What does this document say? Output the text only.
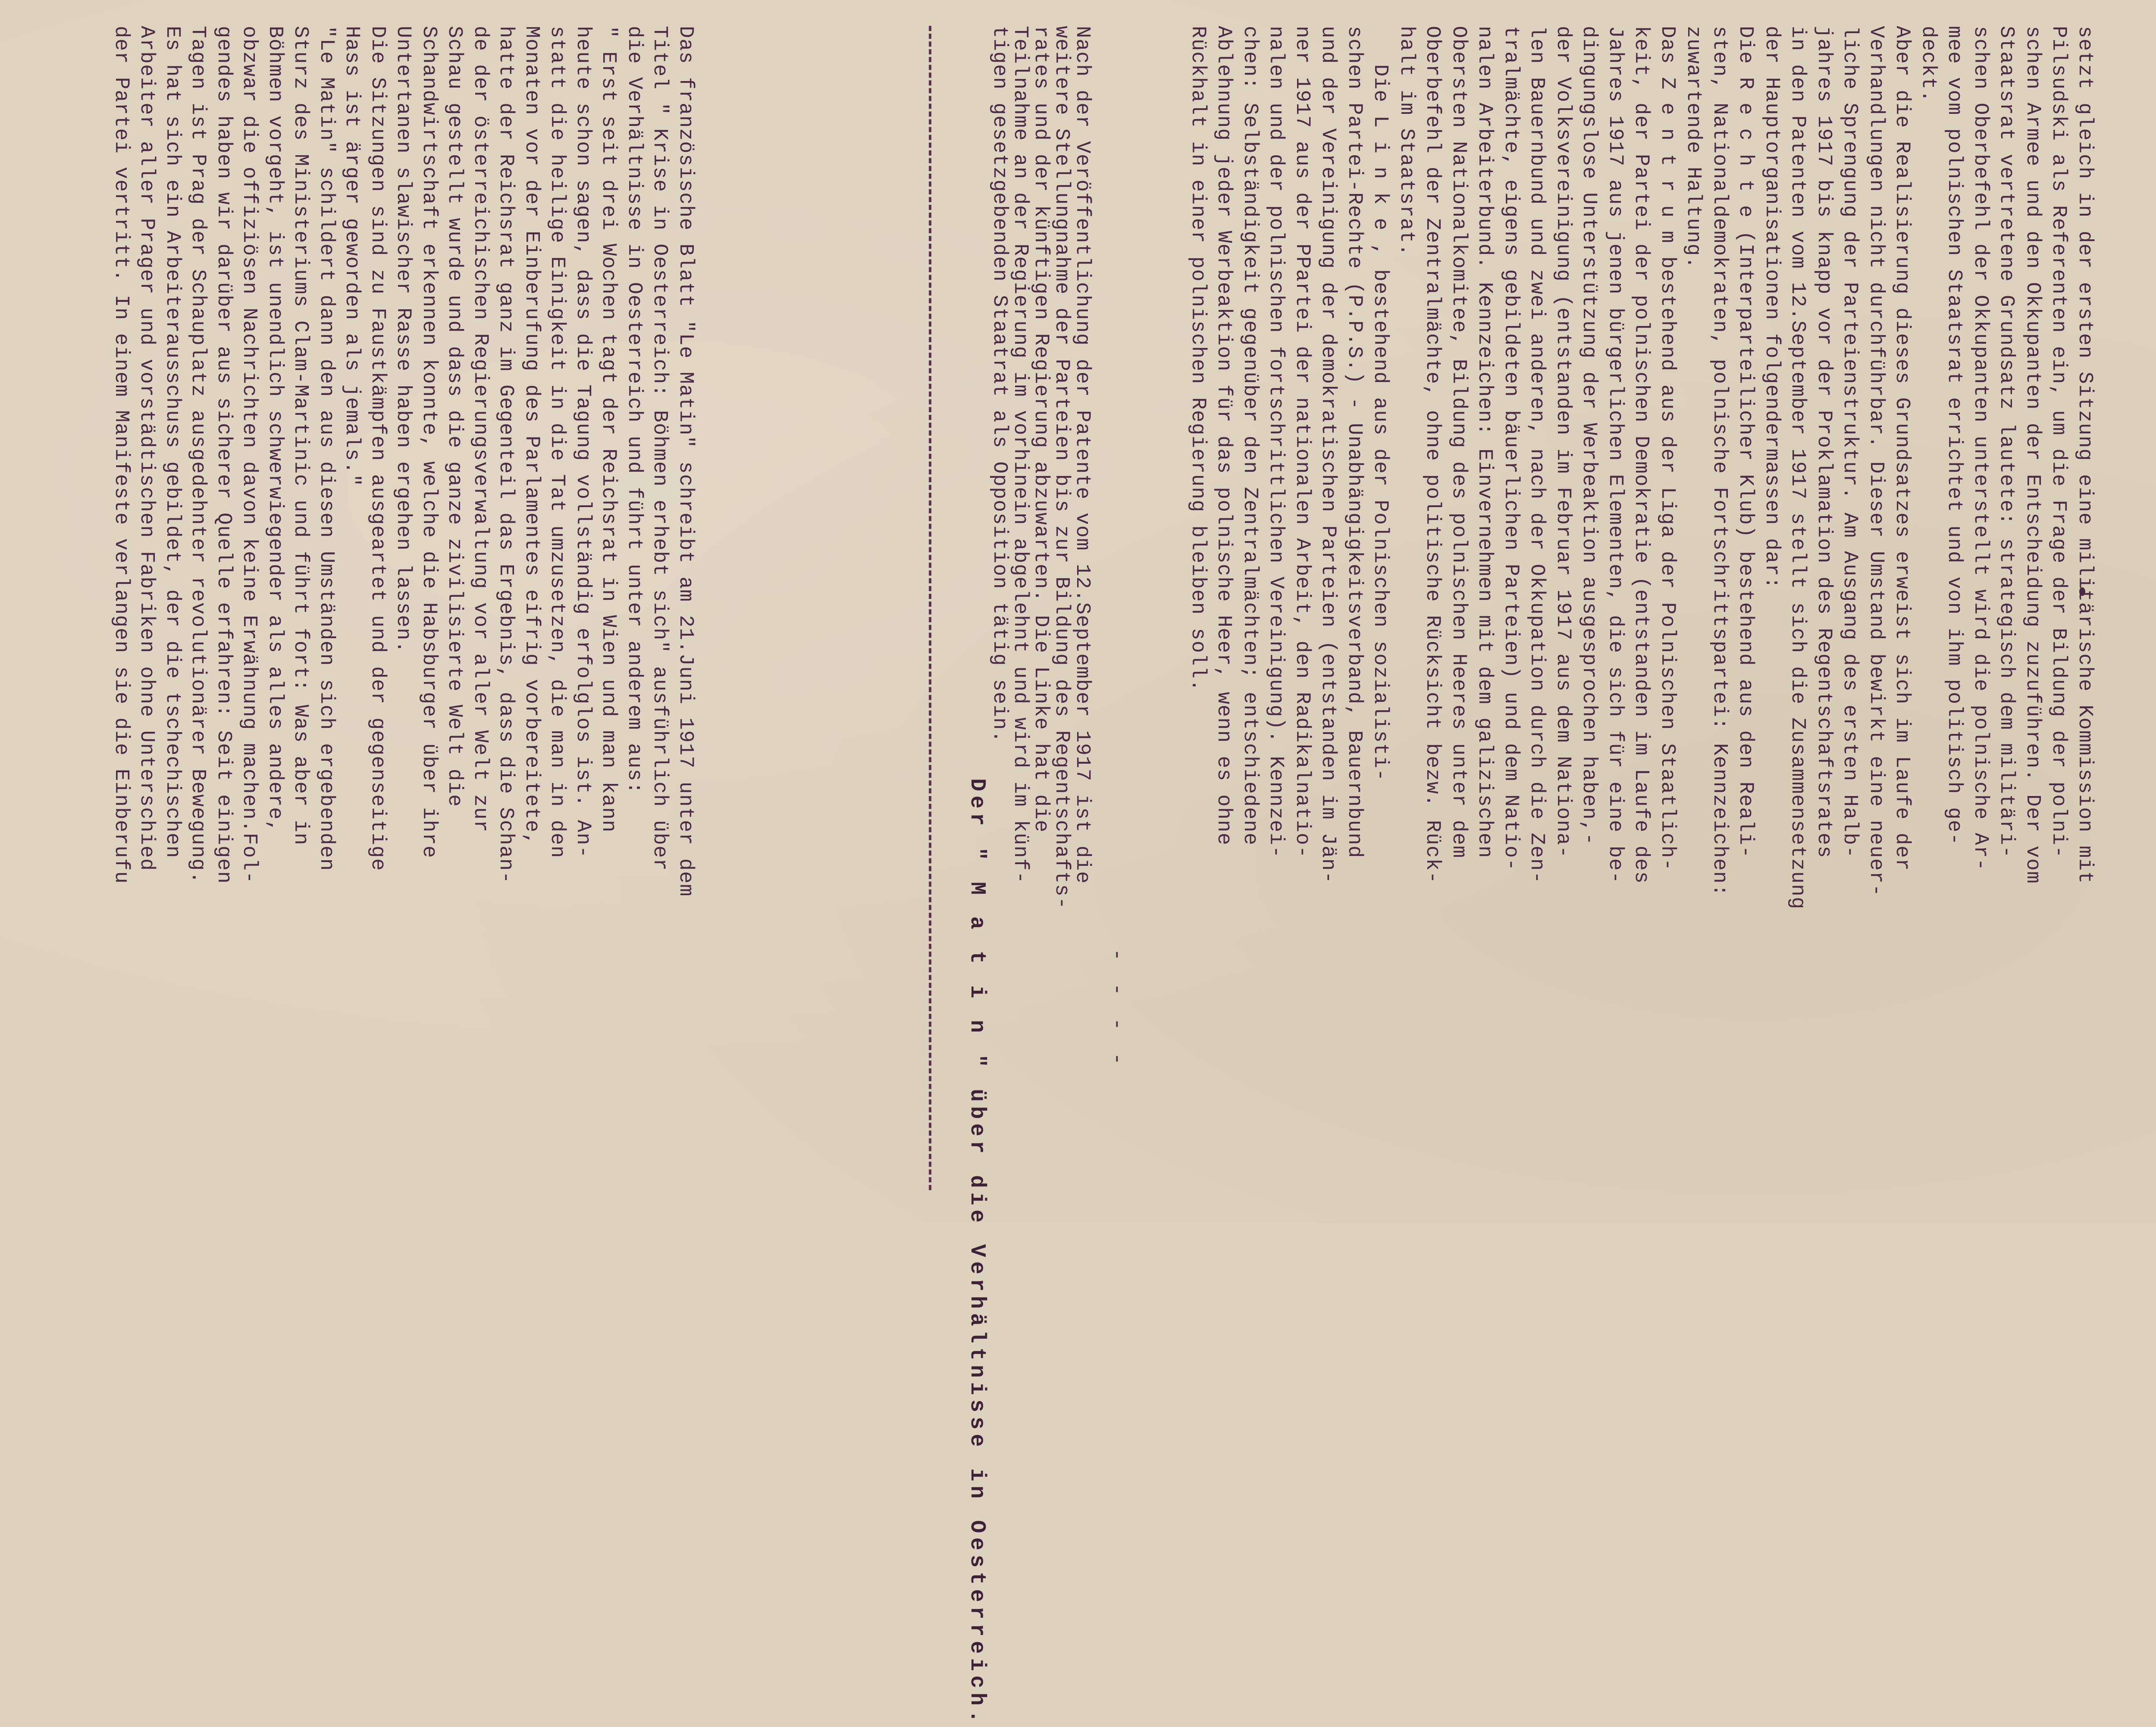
setzt gleich in der ersten Sitzung eine militärische Kommission mit
Pilsudski als Referenten ein, um die Frage der Bildung der polni-
schen Armee und den Okkupanten der Entscheidung zuzuführen. Der vom
Staatsrat vertretene Grundsatz lautete: strategisch dem militäri-
schen Oberbefehl der Okkupanten unterstellt wird die polnische Ar-
mee vom polnischen Staatsrat errichtet und von ihm politisch ge-
deckt.
Aber die Realisierung dieses Grundsatzes erweist sich im Laufe der
Verhandlungen nicht durchführbar. Dieser Umstand bewirkt eine neuer-
liche Sprengung der Parteienstruktur. Am Ausgang des ersten Halb-
jahres 1917 bis knapp vor der Proklamation des Regentschaftsrates
in den Patenten vom 12.September 1917 stellt sich die Zusammensetzung
der Hauptorganisationen folgendermassen dar:
Die R e c h t e (Interparteilicher Klub) bestehend aus den Reali-
sten, Nationaldemokraten, polnische Fortschrittspartei: Kennzeichen:
zuwartende Haltung.
Das Z e n t r u m bestehend aus der Liga der Polnischen Staatlich-
keit, der Partei der polnischen Demokratie (entstanden im Laufe des
Jahres 1917 aus jenen bürgerlichen Elementen, die sich für eine be-
dingungslose Unterstützung der Werbeaktion ausgesprochen haben,-
der Volksvereinigung (entstanden im Februar 1917 aus dem Nationa-
len Bauernbund und zwei anderen, nach der Okkupation durch die Zen-
tralmächte, eigens gebildeten bäuerlichen Parteien) und dem Natio-
nalen Arbeiterbund. Kennzeichen: Einvernehmen mit dem galizischen
Obersten Nationalkomitee, Bildung des polnischen Heeres unter dem
Oberbefehl der Zentralmächte, ohne politische Rücksicht bezw. Rück-
halt im Staatsrat.
Die L i n k e , bestehend aus der Polnischen sozialisti-
schen Partei-Rechte (P.P.S.) - Unabhängigkeitsverband, Bauernbund
und der Vereinigung der demokratischen Parteien (entstanden im Jän-
ner 1917 aus der PPartei der nationalen Arbeit, den Radikalnatio-
nalen und der polnischen fortschrittlichen Vereinigung). Kennzei-
chen: Selbständigkeit gegenüber den Zentralmächten; entschiedene
Ablehnung jeder Werbeaktion für das polnische Heer, wenn es ohne
Rückhalt in einer polnischen Regierung bleiben soll.
- - - -
Nach der Veröffentlichung der Patente vom 12.September 1917 ist die
weitere Stellungnahme der Parteien bis zur Bildung des Regentschafts-
rates und der künftigen Regierung abzuwarten. Die Linke hat die
Teilnahme an der Regierung im vorhinein abgelehnt und wird im künf-
tigen gesetzgebenden Staatrat als Opposition tätig sein.
Der " M a t i n " über die Verhältnisse in Oesterreich.
Das französische Blatt "Le Matin" schreibt am 21.Juni 1917 unter dem
Titel " Krise in Oesterreich: Böhmen erhebt sich" ausführlich über
die Verhältnisse in Oesterreich und führt unter anderem aus:
" Erst seit drei Wochen tagt der Reichsrat in Wien und man kann
heute schon sagen, dass die Tagung vollständig erfolglos ist. An-
statt die heilige Einigkeit in die Tat umzusetzen, die man in den
Monaten vor der Einberufung des Parlamentes eifrig vorbereitete,
hatte der Reichsrat ganz im Gegenteil das Ergebnis, dass die Schan-
de der österreichischen Regierungsverwaltung vor aller Welt zur
Schau gestellt wurde und dass die ganze zivilisierte Welt die
Schandwirtschaft erkennen konnte, welche die Habsburger über ihre
Untertanen slawischer Rasse haben ergehen lassen.
Die Sitzungen sind zu Faustkämpfen ausgeartet und der gegenseitige
Hass ist ärger geworden als jemals."
"Le Matin" schildert dann den aus diesen Umständen sich ergebenden
Sturz des Ministeriums Clam-Martinic und führt fort: Was aber in
Böhmen vorgeht, ist unendlich schwerwiegender als alles andere,
obzwar die offiziösen Nachrichten davon keine Erwähnung machen.Fol-
gendes haben wir darüber aus sicherer Quelle erfahren: Seit einigen
Tagen ist Prag der Schauplatz ausgedehnter revolutionärer Bewegung.
Es hat sich ein Arbeiterausschuss gebildet, der die tschechischen
Arbeiter aller Prager und vorstädtischen Fabriken ohne Unterschied
der Partei vertritt. In einem Manifeste verlangen sie die Einberufu
